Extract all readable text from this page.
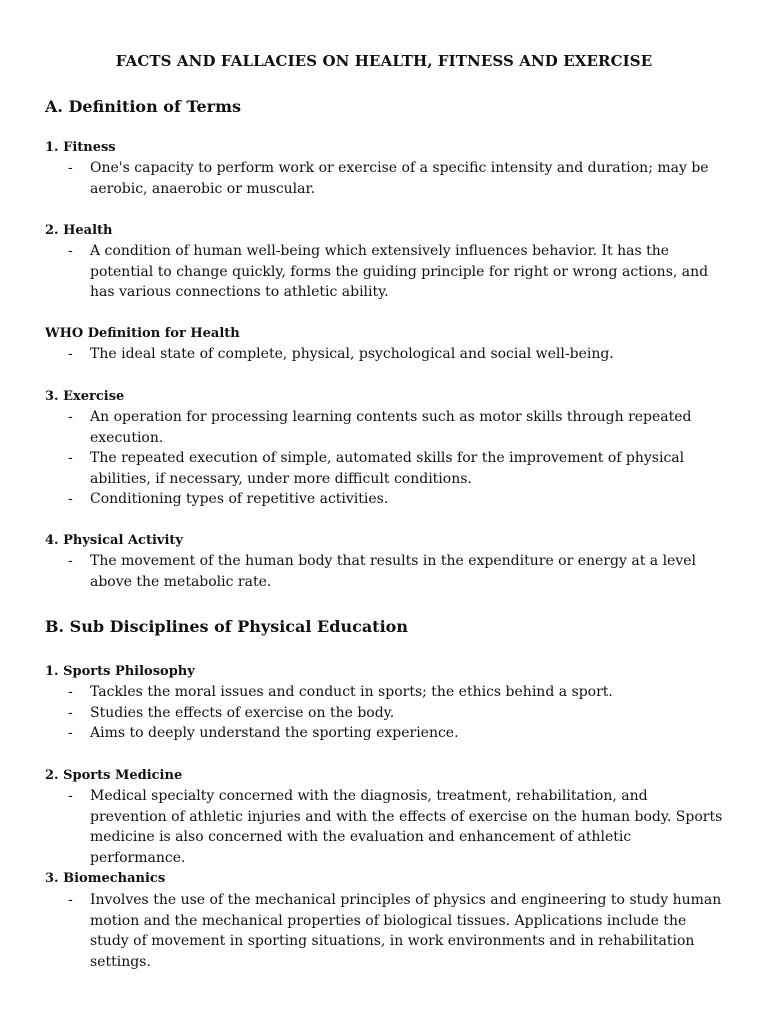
FACTS AND FALLACIES ON HEALTH, FITNESS AND EXERCISE
A. Definition of Terms
1. Fitness
- One's capacity to perform work or exercise of a specific intensity and duration; may be aerobic, anaerobic or muscular.
2. Health
- A condition of human well-being which extensively influences behavior. It has the potential to change quickly, forms the guiding principle for right or wrong actions, and has various connections to athletic ability.
WHO Definition for Health
- The ideal state of complete, physical, psychological and social well-being.
3. Exercise
- An operation for processing learning contents such as motor skills through repeated execution.
- The repeated execution of simple, automated skills for the improvement of physical abilities, if necessary, under more difficult conditions.
- Conditioning types of repetitive activities.
4. Physical Activity
- The movement of the human body that results in the expenditure or energy at a level above the metabolic rate.
B. Sub Disciplines of Physical Education
1. Sports Philosophy
- Tackles the moral issues and conduct in sports; the ethics behind a sport.
- Studies the effects of exercise on the body.
- Aims to deeply understand the sporting experience.
2. Sports Medicine
- Medical specialty concerned with the diagnosis, treatment, rehabilitation, and prevention of athletic injuries and with the effects of exercise on the human body. Sports medicine is also concerned with the evaluation and enhancement of athletic performance.
3. Biomechanics
- Involves the use of the mechanical principles of physics and engineering to study human motion and the mechanical properties of biological tissues. Applications include the study of movement in sporting situations, in work environments and in rehabilitation settings.
